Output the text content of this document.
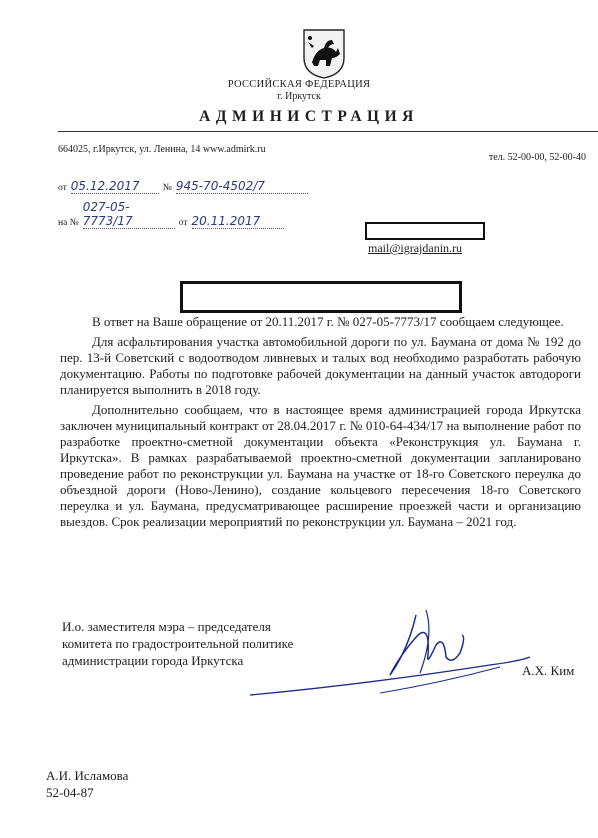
РОССИЙСКАЯ ФЕДЕРАЦИЯ
г. Иркутск
АДМИНИСТРАЦИЯ
664025, г.Иркутск, ул. Ленина, 14 www.admirk.ru
тел. 52-00-00, 52-00-40
от 05.12.2017 № 945-70-4502/7
на № 027-05-7773/17	от 20.11.2017
mail@igrajdanin.ru

В ответ на Ваше обращение от 20.11.2017 г. № 027-05-7773/17 сообщаем следующее.

Для асфальтирования участка автомобильной дороги по ул. Баумана от дома № 192 до пер. 13-й Советский с водоотводом ливневых и талых вод необходимо разработать рабочую документацию. Работы по подготовке рабочей документации на данный участок автодороги планируется выполнить в 2018 году.

Дополнительно сообщаем, что в настоящее время администрацией города Иркутска заключен муниципальный контракт от 28.04.2017 г. № 010-64-434/17 на выполнение работ по разработке проектно-сметной документации объекта «Реконструкция ул. Баумана г. Иркутска». В рамках разрабатываемой проектно-сметной документации запланировано проведение работ по реконструкции ул. Баумана на участке от 18-го Советского переулка до объездной дороги (Ново-Ленино), создание кольцевого пересечения 18-го Советского переулка и ул. Баумана, предусматривающее расширение проезжей части и организацию выездов. Срок реализации мероприятий по реконструкции ул. Баумана – 2021 год.

И.о. заместителя мэра – председателя
комитета по градостроительной политике
администрации города Иркутска
А.Х. Ким
А.И. Исламова
52-04-87
